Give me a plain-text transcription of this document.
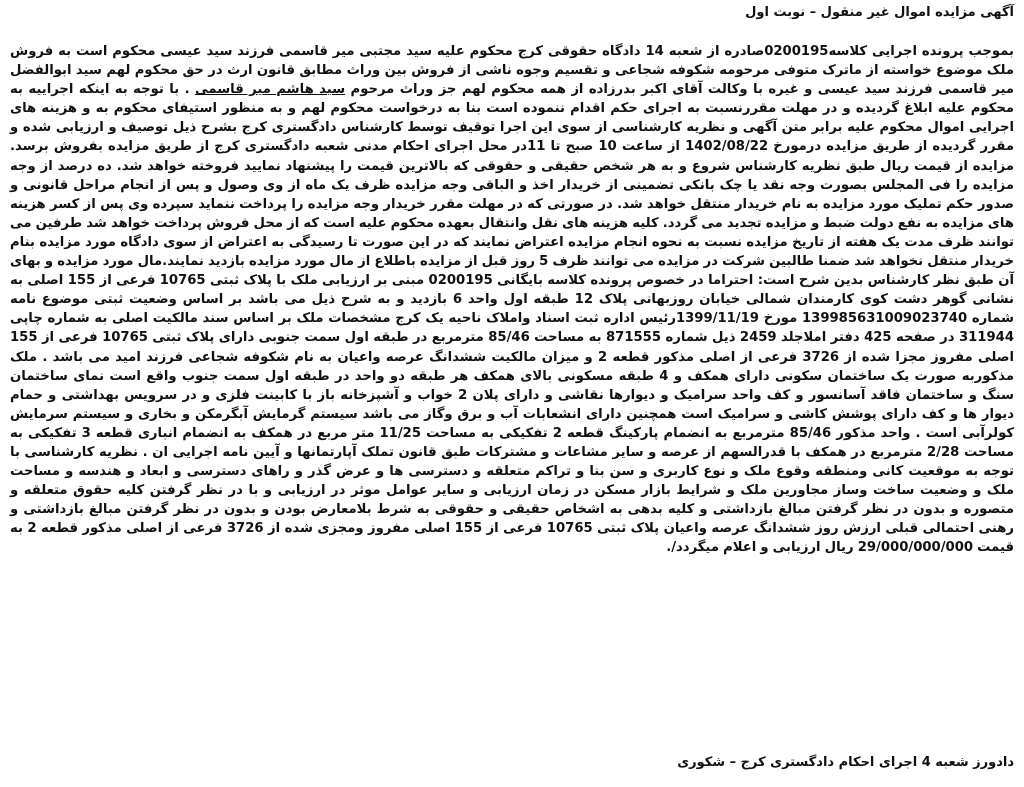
آگهی مزایده اموال غیر منقول – نوبت اول

بموجب پرونده اجرایی کلاسه0200195صادره از شعبه 14 دادگاه حقوقی کرج محکوم علیه سید مجتبی میر قاسمی فرزند سید عیسی محکوم است به فروش ملک موضوع خواسته از ماترک متوفی مرحومه شکوفه شجاعی و تقسیم وجوه ناشی از فروش بین وراث مطابق قانون ارث در حق محکوم لهم سید ابوالفضل میر قاسمی فرزند سید عیسی و غیره با وکالت آقای اکبر بدرزاده از همه محکوم لهم جز وراث مرحوم سید هاشم میر قاسمی . با توجه به اینکه اجراییه به محکوم علیه ابلاغ گردیده و در مهلت مقررنسبت به اجرای حکم اقدام ننموده است بنا به درخواست محکوم لهم و به منظور استیفای محکوم به و هزینه های اجرایی اموال محکوم علیه برابر متن آگهی و نظریه کارشناسی از سوی این اجرا توقیف توسط کارشناس دادگستری کرج بشرح ذیل توصیف و ارزیابی شده و مقرر گردیده از طریق مزایده درمورخ 1402/08/22 از ساعت 10 صبح تا 11در محل اجرای احکام مدنی شعبه دادگستری کرج از طریق مزایده بفروش برسد. مزایده از قیمت ریال طبق نظریه کارشناس شروع و به هر شخص حقیقی و حقوقی که بالاترین قیمت را پیشنهاد نمایید فروخته خواهد شد. ده درصد از وجه مزایده را فی المجلس بصورت وجه نقد یا چک بانکی تضمینی از خریدار اخذ و الباقی وجه مزایده ظرف یک ماه از وی وصول و پس از انجام مراحل قانونی و صدور حکم تملیک مورد مزایده به نام خریدار منتقل خواهد شد. در صورتی که در مهلت مقرر خریدار وجه مزایده را پرداخت ننماید سپرده وی پس از کسر هزینه های مزایده به نفع دولت ضبط و مزایده تجدید می گردد. کلیه هزینه های نقل وانتقال بعهده محکوم علیه است که از محل فروش پرداخت خواهد شد طرفین می توانند ظرف مدت یک هفته از تاریخ مزایده نسبت به نحوه انجام مزایده اعتراض نمایند که در این صورت تا رسیدگی به اعتراض از سوی دادگاه مورد مزایده بنام خریدار منتقل نخواهد شد ضمنا طالبین شرکت در مزایده می توانند ظرف 5 روز قبل از مزایده باطلاع از مال مورد مزایده بازدید نمایند.مال مورد مزایده و بهای آن طبق نظر کارشناس بدین شرح است: احتراما در خصوص پرونده کلاسه بایگانی 0200195 مبنی بر ارزیابی ملک با پلاک ثبتی 10765 فرعی از 155 اصلی به نشانی گوهر دشت کوی کارمندان شمالی خیابان روزبهانی پلاک 12 طبقه اول واحد 6 بازدید و به شرح ذیل می باشد بر اساس وضعیت ثبتی موضوع نامه شماره 139985631009023740 مورخ 1399/11/19رئیس اداره ثبت اسناد واملاک ناحیه یک کرج مشخصات ملک بر اساس سند مالکیت اصلی به شماره چاپی 311944 در صفحه 425 دفتر املاجلد 2459 ذیل شماره 871555 به مساحت 85/46 مترمربع در طبقه اول سمت جنوبی دارای پلاک ثبتی 10765 فرعی از 155 اصلی مفروز مجزا شده از 3726 فرعی از اصلی مذکور قطعه 2 و میزان مالکیت ششدانگ عرصه واعیان به نام شکوفه شجاعی فرزند امید می باشد . ملک مذکوربه صورت یک ساختمان سکونی دارای همکف و 4 طبقه مسکونی بالای همکف هر طبقه دو واحد در طبقه اول سمت جنوب واقع است نمای ساختمان سنگ و ساختمان فاقد آسانسور و کف واحد سرامیک و دیوارها نقاشی و دارای پلان 2 خواب و آشپزخانه باز با کابینت فلزی و در سرویس بهداشتی و حمام دیوار ها و کف دارای پوشش کاشی و سرامیک است همچنین دارای انشعابات آب و برق وگاز می باشد سیستم گرمایش آبگرمکن و بخاری و سیستم سرمایش کولرآبی است . واحد مذکور 85/46 مترمربع به انضمام پارکینگ قطعه 2 تفکیکی به مساحت 11/25 متر مربع در همکف به انضمام انباری قطعه 3 تفکیکی به مساحت 2/28 مترمربع در همکف با قدرالسهم از عرصه و سایر مشاعات و مشترکات طبق قانون تملک آپارتمانها و آیین نامه اجرایی ان . نظریه کارشناسی با توجه به موقعیت کانی ومنطقه وقوع ملک و نوع کاربری و سن بنا و تراکم متعلقه و دسترسی ها و عرض گذر و راهای دسترسی و ابعاد و هندسه و مساحت ملک و وضعیت ساخت وساز مجاورین ملک و شرایط بازار مسکن در زمان ارزیابی و سایر عوامل موثر در ارزیابی و با در نظر گرفتن کلیه حقوق متعلقه و متصوره و بدون در نظر گرفتن مبالغ بازداشتی و کلیه بدهی به اشخاص حقیقی و حقوقی به شرط بلامعارض بودن و بدون در نظر گرفتن مبالغ بازداشتی و رهنی احتمالی قبلی ارزش روز ششدانگ عرصه واعیان پلاک ثبتی 10765 فرعی از 155 اصلی مفروز ومجزی شده از 3726 فرعی از اصلی مذکور قطعه 2 به قیمت 29/000/000/000 ریال ارزیابی و اعلام میگردد/.

دادورز شعبه 4 اجرای احکام دادگستری کرج – شکوری
